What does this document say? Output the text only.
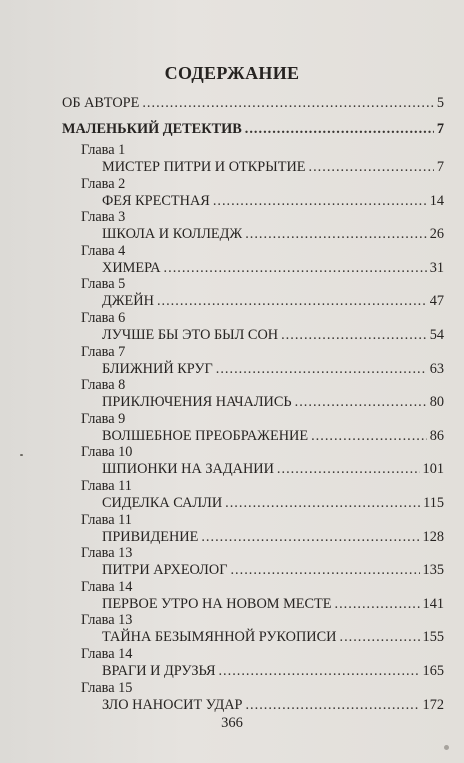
СОДЕРЖАНИЕ
ОБ АВТОРЕ .....	5
МАЛЕНЬКИЙ ДЕТЕКТИВ .....	7
Глава 1
МИСТЕР ПИТРИ И ОТКРЫТИЕ .....	7
Глава 2
ФЕЯ КРЕСТНАЯ .....	14
Глава 3
ШКОЛА И КОЛЛЕДЖ .....	26
Глава 4
ХИМЕРА .....	31
Глава 5
ДЖЕЙН .....	47
Глава 6
ЛУЧШЕ БЫ ЭТО БЫЛ СОН .....	54
Глава 7
БЛИЖНИЙ КРУГ .....	63
Глава 8
ПРИКЛЮЧЕНИЯ НАЧАЛИСЬ .....	80
Глава 9
ВОЛШЕБНОЕ ПРЕОБРАЖЕНИЕ .....	86
Глава 10
ШПИОНКИ НА ЗАДАНИИ .....	101
Глава 11
СИДЕЛКА САЛЛИ .....	115
Глава 11
ПРИВИДЕНИЕ .....	128
Глава 13
ПИТРИ АРХЕОЛОГ .....	135
Глава 14
ПЕРВОЕ УТРО НА НОВОМ МЕСТЕ .....	141
Глава 13
ТАЙНА БЕЗЫМЯННОЙ РУКОПИСИ .....	155
Глава 14
ВРАГИ И ДРУЗЬЯ .....	165
Глава 15
ЗЛО НАНОСИТ УДАР .....	172
366
